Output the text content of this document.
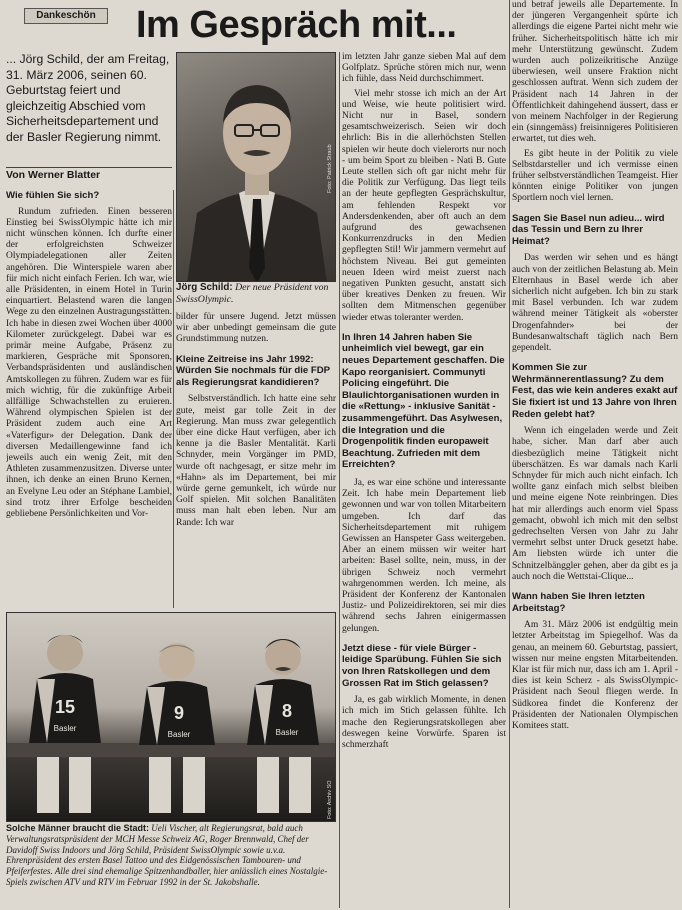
Dankeschön	Im Gespräch mit...
... Jörg Schild, der am Freitag, 31. März 2006, seinen 60. Geburtstag feiert und gleichzeitig Abschied vom Sicherheitsdepartement und der Basler Regierung nimmt.
Von Werner Blatter
Wie fühlen Sie sich?

Rundum zufrieden. Einen besseren Einstieg bei SwissOlympic hätte ich mir nicht wünschen können. Ich durfte einer der erfolgreichsten Schweizer Olympiadelegationen aller Zeiten angehören. Die Winterspiele waren aber für mich nicht einfach Ferien. Ich war, wie alle Präsidenten, in einem Hotel in Turin einquartiert. Belastend waren die langen Wege zu den einzelnen Austragungsstätten. Ich habe in diesen zwei Wochen über 4000 Kilometer zurückgelegt. Dabei war es primär meine Aufgabe, Präsenz zu markieren, Gespräche mit Sponsoren, Verbandspräsidenten und ausländischen Amtskollegen zu führen. Zudem war es für mich wichtig, für die zukünftige Arbeit allfällige Schwachstellen zu eruieren. Während olympischen Spielen ist der Präsident zudem auch eine Art «Vaterfigur» der Delegation. Dank der diversen Medaillengewinne fand ich jeweils auch ein wenig Zeit, mit den Athleten zusammenzusitzen. Diverse unter ihnen, ich denke an einen Bruno Kernen, an Evelyne Leu oder an Stéphane Lambiel, sind trotz ihrer Erfolge bescheiden gebliebene Persönlichkeiten und Vor-

Foto: Patrick Straub
Jörg Schild: Der neue Präsident von SwissOlympic.

bilder für unsere Jugend. Jetzt müssen wir aber unbedingt gemeinsam die gute Grundstimmung nutzen.

Kleine Zeitreise ins Jahr 1992: Würden Sie nochmals für die FDP als Regierungsrat kandidieren?

Selbstverständlich. Ich hatte eine sehr gute, meist gar tolle Zeit in der Regierung. Man muss zwar gelegentlich über eine dicke Haut verfügen, aber ich kenne ja die Basler Mentalität. Karli Schnyder, mein Vorgänger im PMD, wurde oft nachgesagt, er sitze mehr im «Hahn» als im Departement, bei mir würde gerne gemunkelt, ich würde nur Golf spielen. Mit solchen Banalitäten muss man halt eben leben. Nur am Rande: Ich war

15
Basler
9
Basler
8
Basler
Foto: Archiv SO
Solche Männer braucht die Stadt: Ueli Vischer, alt Regierungsrat, bald auch Verwaltungsratspräsident der MCH Messe Schweiz AG, Roger Brennwald, Chef der Davidoff Swiss Indoors und Jörg Schild, Präsident SwissOlympic sowie u.v.a. Ehrenpräsident des ersten Basel Tattoo und des Eidgenössischen Tambouren- und Pfeiferfestes. Alle drei sind ehemalige Spitzenhandballer, hier anlässlich eines Nostalgie-Spiels zwischen ATV und RTV im Februar 1992 in der St. Jakobshalle.

im letzten Jahr ganze sieben Mal auf dem Golfplatz. Sprüche stören mich nur, wenn ich fühle, dass Neid durchschimmert.

Viel mehr stosse ich mich an der Art und Weise, wie heute politisiert wird. Nicht nur in Basel, sondern gesamtschweizerisch. Seien wir doch ehrlich: Bis in die allerhöchsten Stellen spielen wir heute doch vielerorts nur noch - um beim Sport zu bleiben - Nati B. Gute Leute stellen sich oft gar nicht mehr für die Politik zur Verfügung. Das liegt teils an der heute gepflegten Gesprächskultur, am fehlenden Respekt vor Andersdenkenden, aber oft auch an dem aufgrund des gewachsenen Konkurrenzdrucks in den Medien gepflegten Stil! Wir jammern vermehrt auf höchstem Niveau. Bei gut gemeinten neuen Ideen wird meist zuerst nach negativen Punkten gesucht, anstatt sich über kreatives Denken zu freuen. Wir sollten dem Mitmenschen gegenüber wieder etwas toleranter werden.

In Ihren 14 Jahren haben Sie unheimlich viel bewegt, gar ein neues Departement geschaffen. Die Kapo reorganisiert. Communyti Policing eingeführt. Die Blaulichtorganisationen wurden in die «Rettung» - inklusive Sanität - zusammengeführt. Das Asylwesen, die Integration und die Drogenpolitik finden europaweit Beachtung. Zufrieden mit dem Erreichten?

Ja, es war eine schöne und interessante Zeit. Ich habe mein Departement lieb gewonnen und war von tollen Mitarbeitern umgeben. Ich darf das Sicherheitsdepartement mit ruhigem Gewissen an Hanspeter Gass weitergeben. Aber an einem müssen wir weiter hart arbeiten: Basel sollte, nein, muss, in der übrigen Schweiz noch vermehrt wahrgenommen werden. Ich meine, als Präsident der Konferenz der Kantonalen Justiz- und Polizeidirektoren, sei mir dies während sechs Jahren einigermassen gelungen.

Jetzt diese - für viele Bürger - leidige Sparübung. Fühlen Sie sich von Ihren Ratskollegen und dem Grossen Rat im Stich gelassen?

Ja, es gab wirklich Momente, in denen ich mich im Stich gelassen fühlte. Ich mache den Regierungsratskollegen aber deswegen keine Vorwürfe. Sparen ist schmerzhaft

und betraf jeweils alle Departemente. In der jüngeren Vergangenheit spürte ich allerdings die eigene Partei nicht mehr wie früher. Sicherheitspolitisch hätte ich mir mehr Unterstützung gewünscht. Zudem wurden auch polizeikritische Anzüge überwiesen, weil unsere Fraktion nicht geschlossen auftrat. Wenn sich zudem der Präsident nach 14 Jahren in der Öffentlichkeit dahingehend äussert, dass er von meinem Nachfolger in der Regierung ein (sinngemäss) freisinnigeres Politisieren erwartet, tut dies weh.

Es gibt heute in der Politik zu viele Selbstdarsteller und ich vermisse einen früher selbstverständlichen Teamgeist. Hier könnten einige Politiker von jungen Sportlern noch viel lernen.

Sagen Sie Basel nun adieu... wird das Tessin und Bern zu Ihrer Heimat?

Das werden wir sehen und es hängt auch von der zeitlichen Belastung ab. Mein Elternhaus in Basel werde ich aber sicherlich nicht aufgeben. Ich bin zu stark mit Basel verbunden. Ich war zudem während meiner Tätigkeit als «oberster Drogenfahnder» bei der Bundesanwaltschaft täglich nach Bern gependelt.

Kommen Sie zur Wehrmännerentlassung? Zu dem Fest, das wie kein anderes exakt auf Sie fixiert ist und 13 Jahre von Ihren Reden gelebt hat?

Wenn ich eingeladen werde und Zeit habe, sicher. Man darf aber auch diesbezüglich meine Tätigkeit nicht überschätzen. Es war damals nach Karli Schnyder für mich auch nicht einfach. Ich wollte ganz einfach mich selbst bleiben und meine eigene Note reinbringen. Dies hat mir allerdings auch enorm viel Spass gemacht, obwohl ich mich mit den selbst gedrechselten Versen von Jahr zu Jahr vermehrt selbst unter Druck gesetzt habe. Am liebsten würde ich unter die Schnitzelbänggler gehen, aber da gibt es ja auch noch die Wettstai-Clique...

Wann haben Sie Ihren letzten Arbeitstag?

Am 31. März 2006 ist endgültig mein letzter Arbeitstag im Spiegelhof. Was da genau, an meinem 60. Geburtstag, passiert, wissen nur meine engsten Mitarbeitenden. Klar ist für mich nur, dass ich am 1. April - dies ist kein Scherz - als SwissOlympic-Präsident nach Seoul fliegen werde. In Südkorea findet die Konferenz der Präsidenten der Nationalen Olympischen Komitees statt.
